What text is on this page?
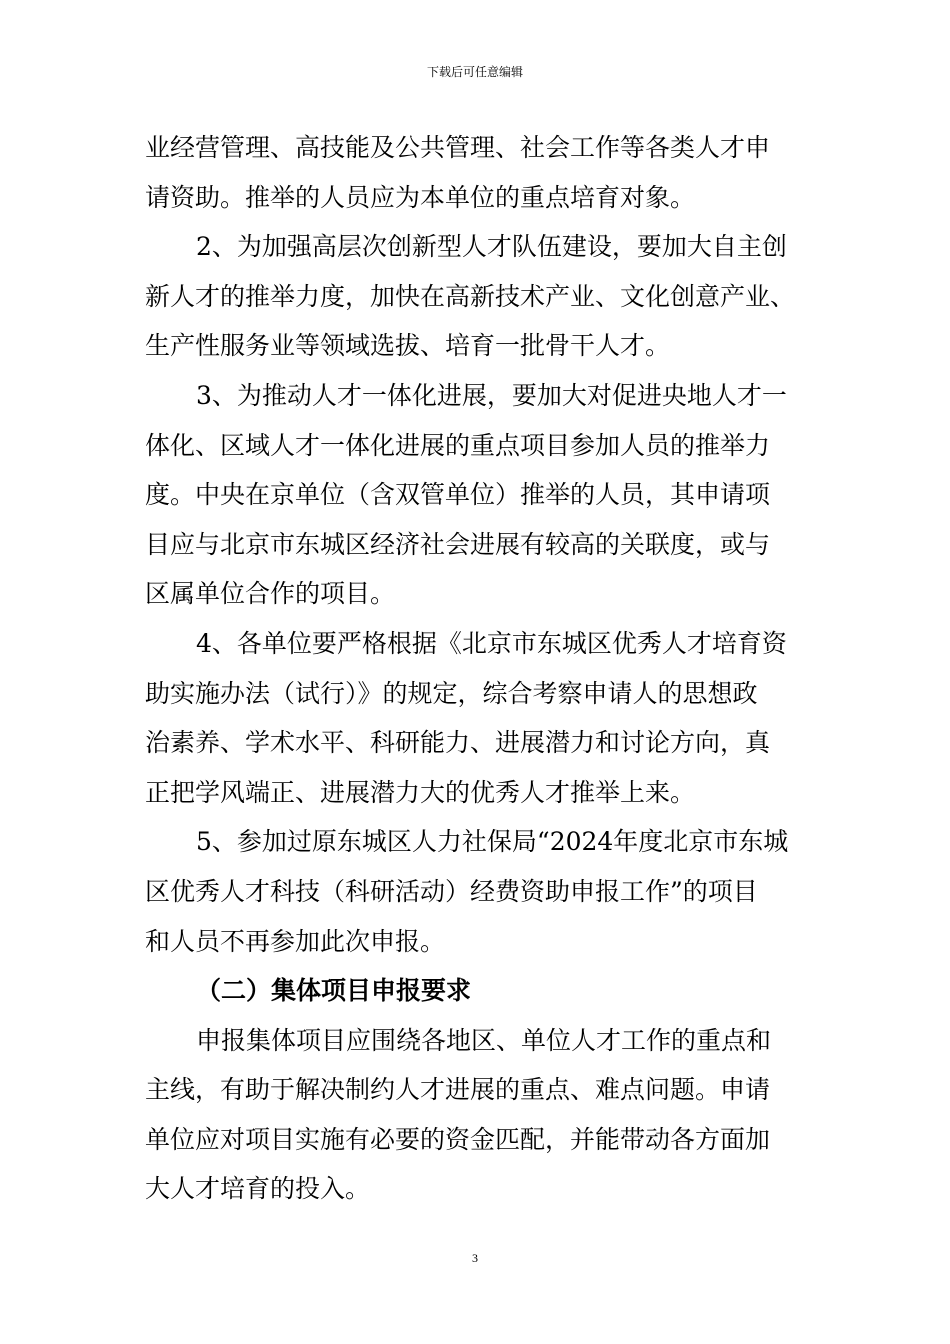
下载后可任意编辑
业经营管理、高技能及公共管理、社会工作等各类人才申
请资助。推举的人员应为本单位的重点培育对象。
2、为加强高层次创新型人才队伍建设，要加大自主创
新人才的推举力度，加快在高新技术产业、文化创意产业、
生产性服务业等领域选拔、培育一批骨干人才。
3、为推动人才一体化进展，要加大对促进央地人才一
体化、区域人才一体化进展的重点项目参加人员的推举力
度。中央在京单位（含双管单位）推举的人员，其申请项
目应与北京市东城区经济社会进展有较高的关联度，或与
区属单位合作的项目。
4、各单位要严格根据《北京市东城区优秀人才培育资
助实施办法（试行）》的规定，综合考察申请人的思想政
治素养、学术水平、科研能力、进展潜力和讨论方向，真
正把学风端正、进展潜力大的优秀人才推举上来。
5、参加过原东城区人力社保局“2024年度北京市东城
区优秀人才科技（科研活动）经费资助申报工作”的项目
和人员不再参加此次申报。
（二）集体项目申报要求
申报集体项目应围绕各地区、单位人才工作的重点和
主线，有助于解决制约人才进展的重点、难点问题。申请
单位应对项目实施有必要的资金匹配，并能带动各方面加
大人才培育的投入。
3
